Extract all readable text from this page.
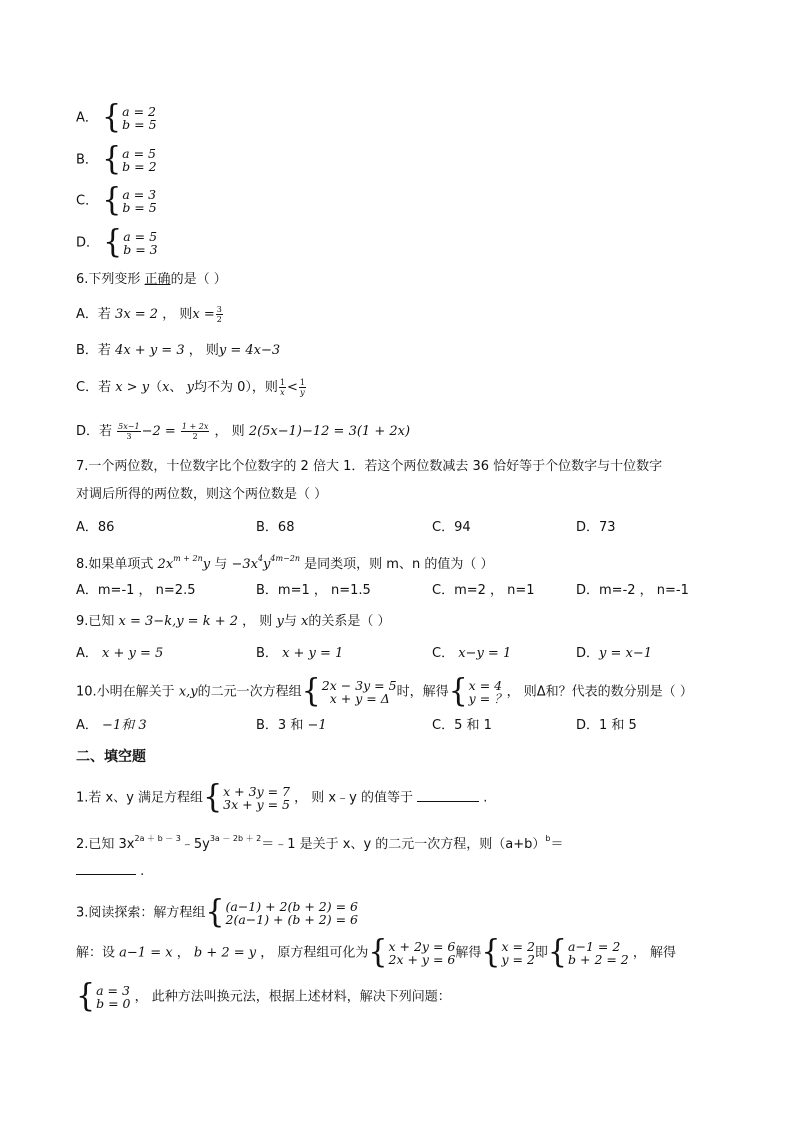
A． { a = 2
b = 5
B． { a = 5
b = 2
C． { a = 3
b = 5
D． { a = 5
b = 3
6.下列变形 正确的是（ ）
A．若 3x = 2 ， 则$x = \frac{3}{2}$
B．若 4x + y = 3 ， 则y = 4x−3
C．若 x > y（x、 y均不为 0），则 $\frac{1}{x} < \frac{1}{y}$
D．若 $\frac{5x-1}{3} -2 = \frac{1 + 2x}{2}$ ， 则 2(5x−1)−12 = 3(1 + 2x)
7.一个两位数，十位数字比个位数字的 2 倍大 1．若这个两位数减去 36 恰好等于个位数字与十位数字
对调后所得的两位数，则这个两位数是（ ）
A．86	B．68	C．94	D．73
8.如果单项式 $2x^{m + 2n}y$ 与 $-3x^4y^{4m-2n}$ 是同类项，则 m、n 的值为（ ）
A．m=-1 ， n=2.5	B．m=1 ， n=1.5	C．m=2 ， n=1	D．m=-2 ， n=-1
9.已知 x = 3−k,y = k + 2 ， 则 y与 x的关系是（ ）
A． x + y = 5	B． x + y = 1	C． x−y = 1	D．y = x−1
10.小明在解关于 x,y的二元一次方程组 { 2x − 3y = 5
x + y = Δ 时，解得 { x = 4
y = ？ ， 则Δ和？代表的数分别是（ ）
A． −1和 3	B．3 和 −1	C．5 和 1	D．1 和 5
二、填空题
1.若 x、y 满足方程组 { x + 3y = 7
3x + y = 5 ， 则 x﹣y 的值等于	.
2.已知 $3x^{2a + b - 3}﹣5y^{3a - 2b + 2}=﹣1$ 是关于 x、y 的二元一次方程，则$(a+b)^b=$
.
3.阅读探索：解方程组 { (a−1) + 2(b + 2) = 6
2(a−1) + (b + 2) = 6
解：设 a−1 = x ， b + 2 = y ， 原方程组可化为 { x + 2y = 6
2x + y = 6 解得 { x = 2
y = 2 即 { a−1 = 2
b + 2 = 2 ， 解得
{ a = 3
b = 0 ， 此种方法叫换元法，根据上述材料，解决下列问题：
